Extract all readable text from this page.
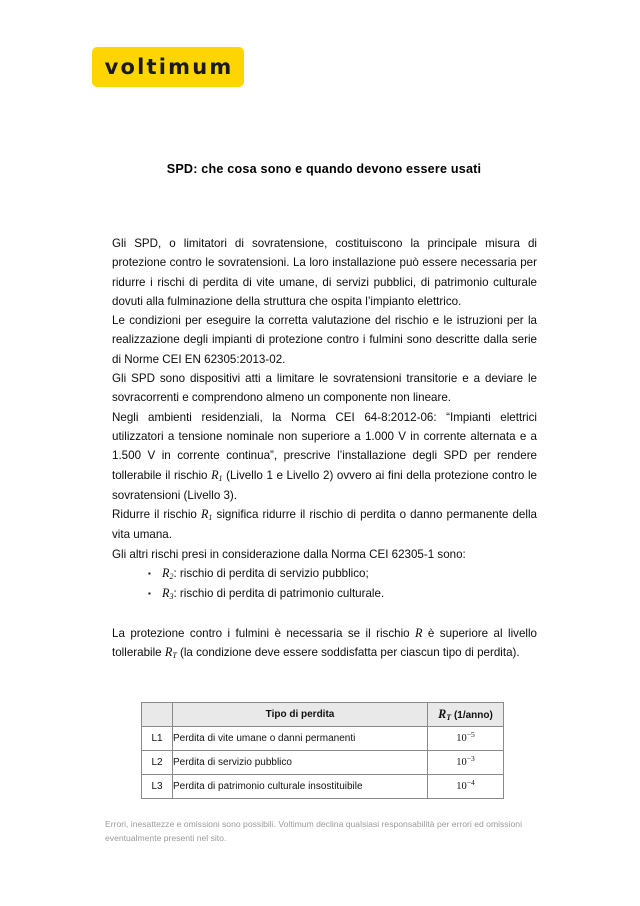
voltimum
SPD: che cosa sono e quando devono essere usati

Gli SPD, o limitatori di sovratensione, costituiscono la principale misura di protezione contro le sovratensioni. La loro installazione può essere necessaria per ridurre i rischi di perdita di vite umane, di servizi pubblici, di patrimonio culturale dovuti alla fulminazione della struttura che ospita l’impianto elettrico.

Le condizioni per eseguire la corretta valutazione del rischio e le istruzioni per la realizzazione degli impianti di protezione contro i fulmini sono descritte dalla serie di Norme CEI EN 62305:2013-02.

Gli SPD sono dispositivi atti a limitare le sovratensioni transitorie e a deviare le sovracorrenti e comprendono almeno un componente non lineare.

Negli ambienti residenziali, la Norma CEI 64-8:2012-06: “Impianti elettrici utilizzatori a tensione nominale non superiore a 1.000 V in corrente alternata e a 1.500 V in corrente continua”, prescrive l’installazione degli SPD per rendere tollerabile il rischio $R_1$ (Livello 1 e Livello 2) ovvero ai fini della protezione contro le sovratensioni (Livello 3).

Ridurre il rischio $R_1$ significa ridurre il rischio di perdita o danno permanente della vita umana.

Gli altri rischi presi in considerazione dalla Norma CEI 62305-1 sono:

▪ $R_2$: rischio di perdita di servizio pubblico;
▪ $R_3$: rischio di perdita di patrimonio culturale.

La protezione contro i fulmini è necessaria se il rischio R è superiore al livello tollerabile $R_T$ (la condizione deve essere soddisfatta per ciascun tipo di perdita).

	Tipo di perdita	$R_T$ (1/anno)
L1	Perdita di vite umane o danni permanenti	$10^{-5}$
L2	Perdita di servizio pubblico	$10^{-3}$
L3	Perdita di patrimonio culturale insostituibile	$10^{-4}$
Errori, inesattezze e omissioni sono possibili. Voltimum declina qualsiasi responsabilità per errori ed omissioni eventualmente presenti nel sito.
